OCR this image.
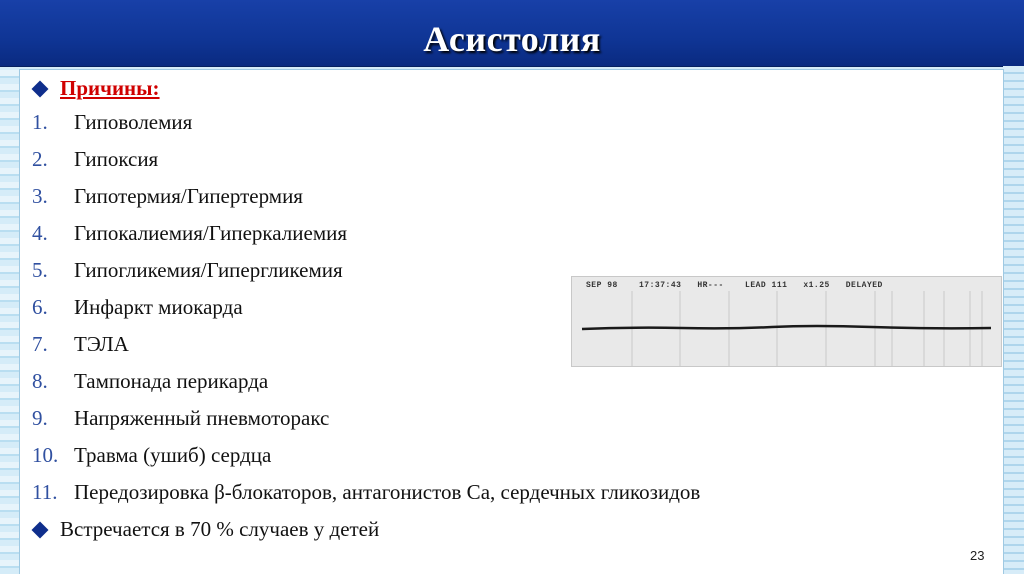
Асистолия
Причины:
1. Гиповолемия
2. Гипоксия
3. Гипотермия/Гипертермия
4. Гипокалиемия/Гиперкалиемия
5. Гипогликемия/Гипергликемия
6. Инфаркт миокарда
7. ТЭЛА
8. Тампонада перикарда
9. Напряженный пневмоторакс
10. Травма (ушиб) сердца
11. Передозировка β-блокаторов, антагонистов Са, сердечных гликозидов
Встречается в 70 % случаев у детей
SEP 98    17:37:43   HR---    LEAD 111   x1.25   DELAYED
23
